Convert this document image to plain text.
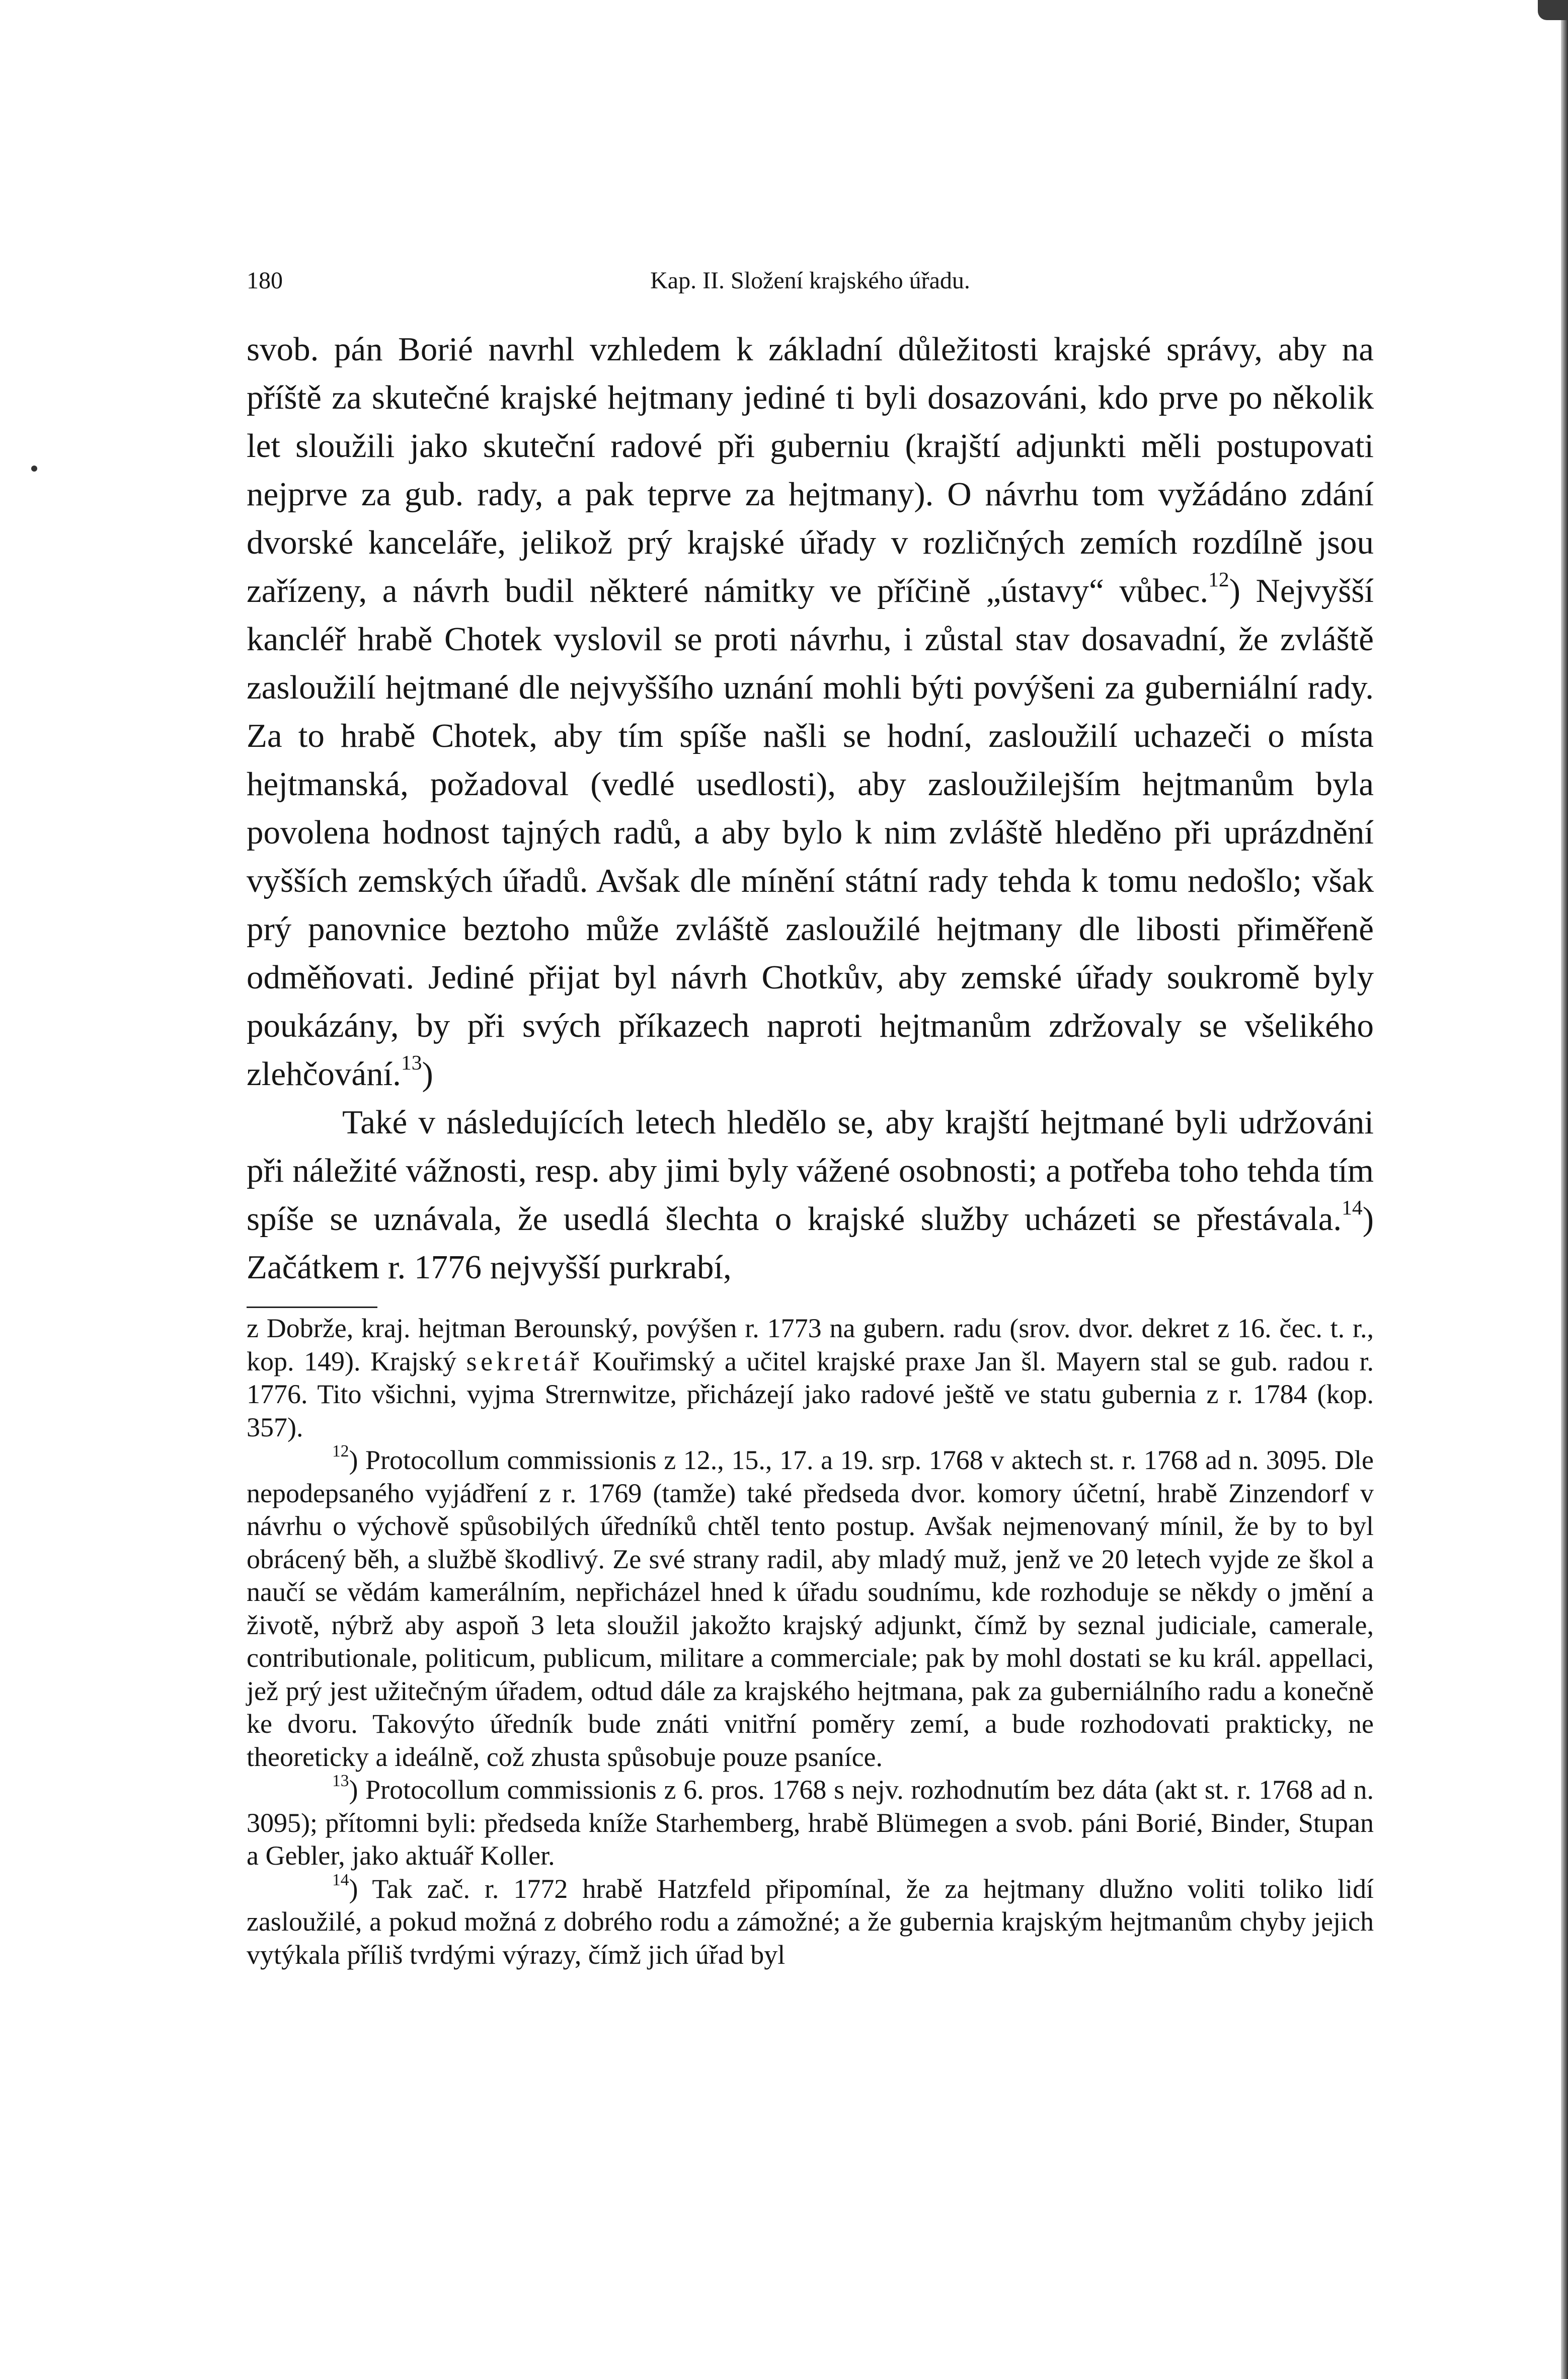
180	Kap. II. Složení krajského úřadu.

svob. pán Borié navrhl vzhledem k základní důležitosti krajské správy, aby na příště za skutečné krajské hejtmany jediné ti byli dosazováni, kdo prve po několik let sloužili jako skuteční radové při guberniu (krajští adjunkti měli postupovati nejprve za gub. rady, a pak teprve za hejtmany). O návrhu tom vyžádáno zdání dvorské kanceláře, jelikož prý krajské úřady v rozličných zemích rozdílně jsou zařízeny, a návrh budil některé námitky ve příčině „ústavy“ vůbec.$^{12}$) Nejvyšší kancléř hrabě Chotek vyslovil se proti návrhu, i zůstal stav dosavadní, že zvláště zasloužilí hejtmané dle nejvyššího uznání mohli býti povýšeni za guberniální rady. Za to hrabě Chotek, aby tím spíše našli se hodní, zasloužilí uchazeči o místa hejtmanská, požadoval (vedlé usedlosti), aby zasloužilejším hejtmanům byla povolena hodnost tajných radů, a aby bylo k nim zvláště hleděno při uprázdnění vyšších zemských úřadů. Avšak dle mínění státní rady tehda k tomu nedošlo; však prý panovnice beztoho může zvláště zasloužilé hejtmany dle libosti přiměřeně odměňovati. Jediné přijat byl návrh Chotkův, aby zemské úřady soukromě byly poukázány, by při svých příkazech naproti hejtmanům zdržovaly se všelikého zlehčování.$^{13}$)

Také v následujících letech hledělo se, aby krajští hejtmané byli udržováni při náležité vážnosti, resp. aby jimi byly vážené osobnosti; a potřeba toho tehda tím spíše se uznávala, že usedlá šlechta o krajské služby ucházeti se přestávala.$^{14}$) Začátkem r. 1776 nejvyšší purkrabí,

z Dobrže, kraj. hejtman Berounský, povýšen r. 1773 na gubern. radu (srov. dvor. dekret z 16. čec. t. r., kop. 149). Krajský sekretář Kouřimský a učitel krajské praxe Jan šl. Mayern stal se gub. radou r. 1776. Tito všichni, vyjma Strernwitze, přicházejí jako radové ještě ve statu gubernia z r. 1784 (kop. 357).

$^{12}$) Protocollum commissionis z 12., 15., 17. a 19. srp. 1768 v aktech st. r. 1768 ad n. 3095. Dle nepodepsaného vyjádření z r. 1769 (tamže) také předseda dvor. komory účetní, hrabě Zinzendorf v návrhu o výchově spůsobilých úředníků chtěl tento postup. Avšak nejmenovaný mínil, že by to byl obrácený běh, a službě škodlivý. Ze své strany radil, aby mladý muž, jenž ve 20 letech vyjde ze škol a naučí se vědám kamerálním, nepřicházel hned k úřadu soudnímu, kde rozhoduje se někdy o jmění a životě, nýbrž aby aspoň 3 leta sloužil jakožto krajský adjunkt, čímž by seznal judiciale, camerale, contributionale, politicum, publicum, militare a commerciale; pak by mohl dostati se ku král. appellaci, jež prý jest užitečným úřadem, odtud dále za krajského hejtmana, pak za guberniálního radu a konečně ke dvoru. Takovýto úředník bude znáti vnitřní poměry zemí, a bude rozhodovati prakticky, ne theoreticky a ideálně, což zhusta spůsobuje pouze psaníce.

$^{13}$) Protocollum commissionis z 6. pros. 1768 s nejv. rozhodnutím bez dáta (akt st. r. 1768 ad n. 3095); přítomni byli: předseda kníže Starhemberg, hrabě Blümegen a svob. páni Borié, Binder, Stupan a Gebler, jako aktuář Koller.

$^{14}$) Tak zač. r. 1772 hrabě Hatzfeld připomínal, že za hejtmany dlužno voliti toliko lidí zasloužilé, a pokud možná z dobrého rodu a zámožné; a že gubernia krajským hejtmanům chyby jejich vytýkala příliš tvrdými výrazy, čímž jich úřad byl
